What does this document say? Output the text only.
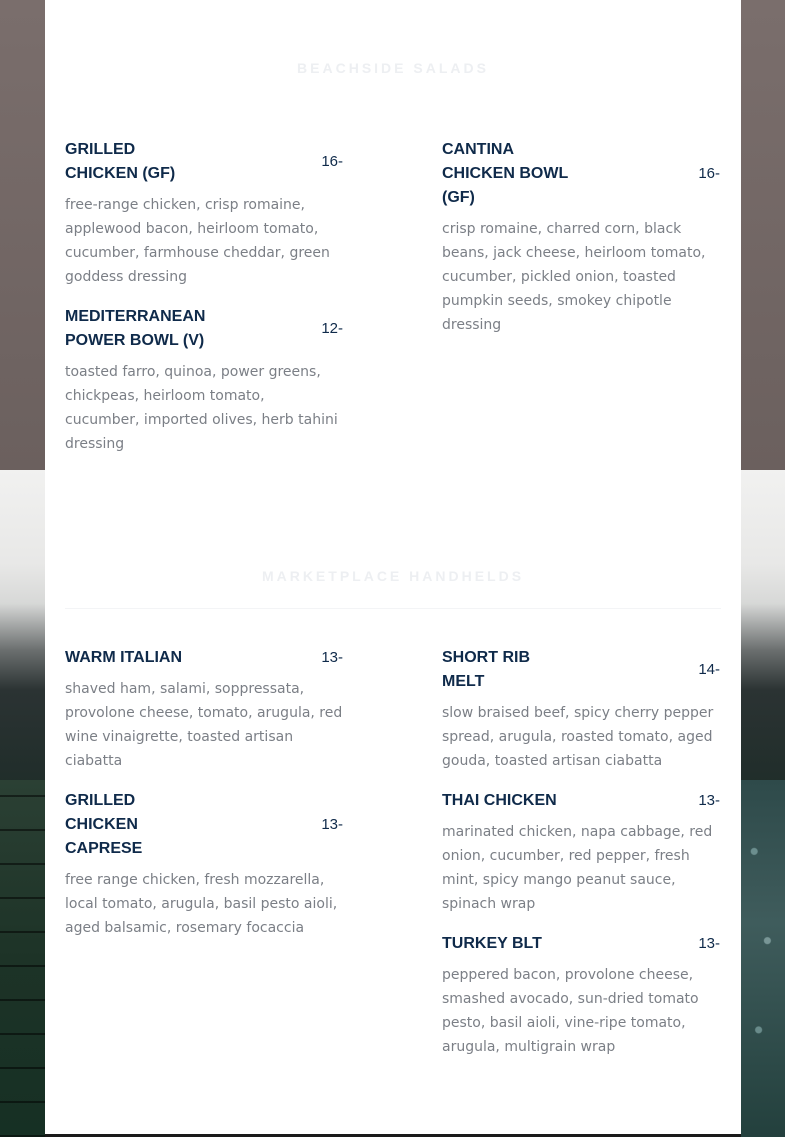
BEACHSIDE SALADS
GRILLED CHICKEN (GF)
16-
free-range chicken, crisp romaine, applewood bacon, heirloom tomato, cucumber, farmhouse cheddar, green goddess dressing
CANTINA CHICKEN BOWL (GF)
16-
crisp romaine, charred corn, black beans, jack cheese, heirloom tomato, cucumber, pickled onion, toasted pumpkin seeds, smokey chipotle dressing
MEDITERRANEAN POWER BOWL (V)
12-
toasted farro, quinoa, power greens, chickpeas, heirloom tomato, cucumber, imported olives, herb tahini dressing
MARKETPLACE HANDHELDS
WARM ITALIAN	13-
shaved ham, salami, soppressata, provolone cheese, tomato, arugula, red wine vinaigrette, toasted artisan ciabatta
SHORT RIB MELT
14-
slow braised beef, spicy cherry pepper spread, arugula, roasted tomato, aged gouda, toasted artisan ciabatta
GRILLED CHICKEN CAPRESE
13-
free range chicken, fresh mozzarella, local tomato, arugula, basil pesto aioli, aged balsamic, rosemary focaccia
THAI CHICKEN	13-
marinated chicken, napa cabbage, red onion, cucumber, red pepper, fresh mint, spicy mango peanut sauce, spinach wrap
TURKEY BLT	13-
peppered bacon, provolone cheese, smashed avocado, sun-dried tomato pesto, basil aioli, vine-ripe tomato, arugula, multigrain wrap
